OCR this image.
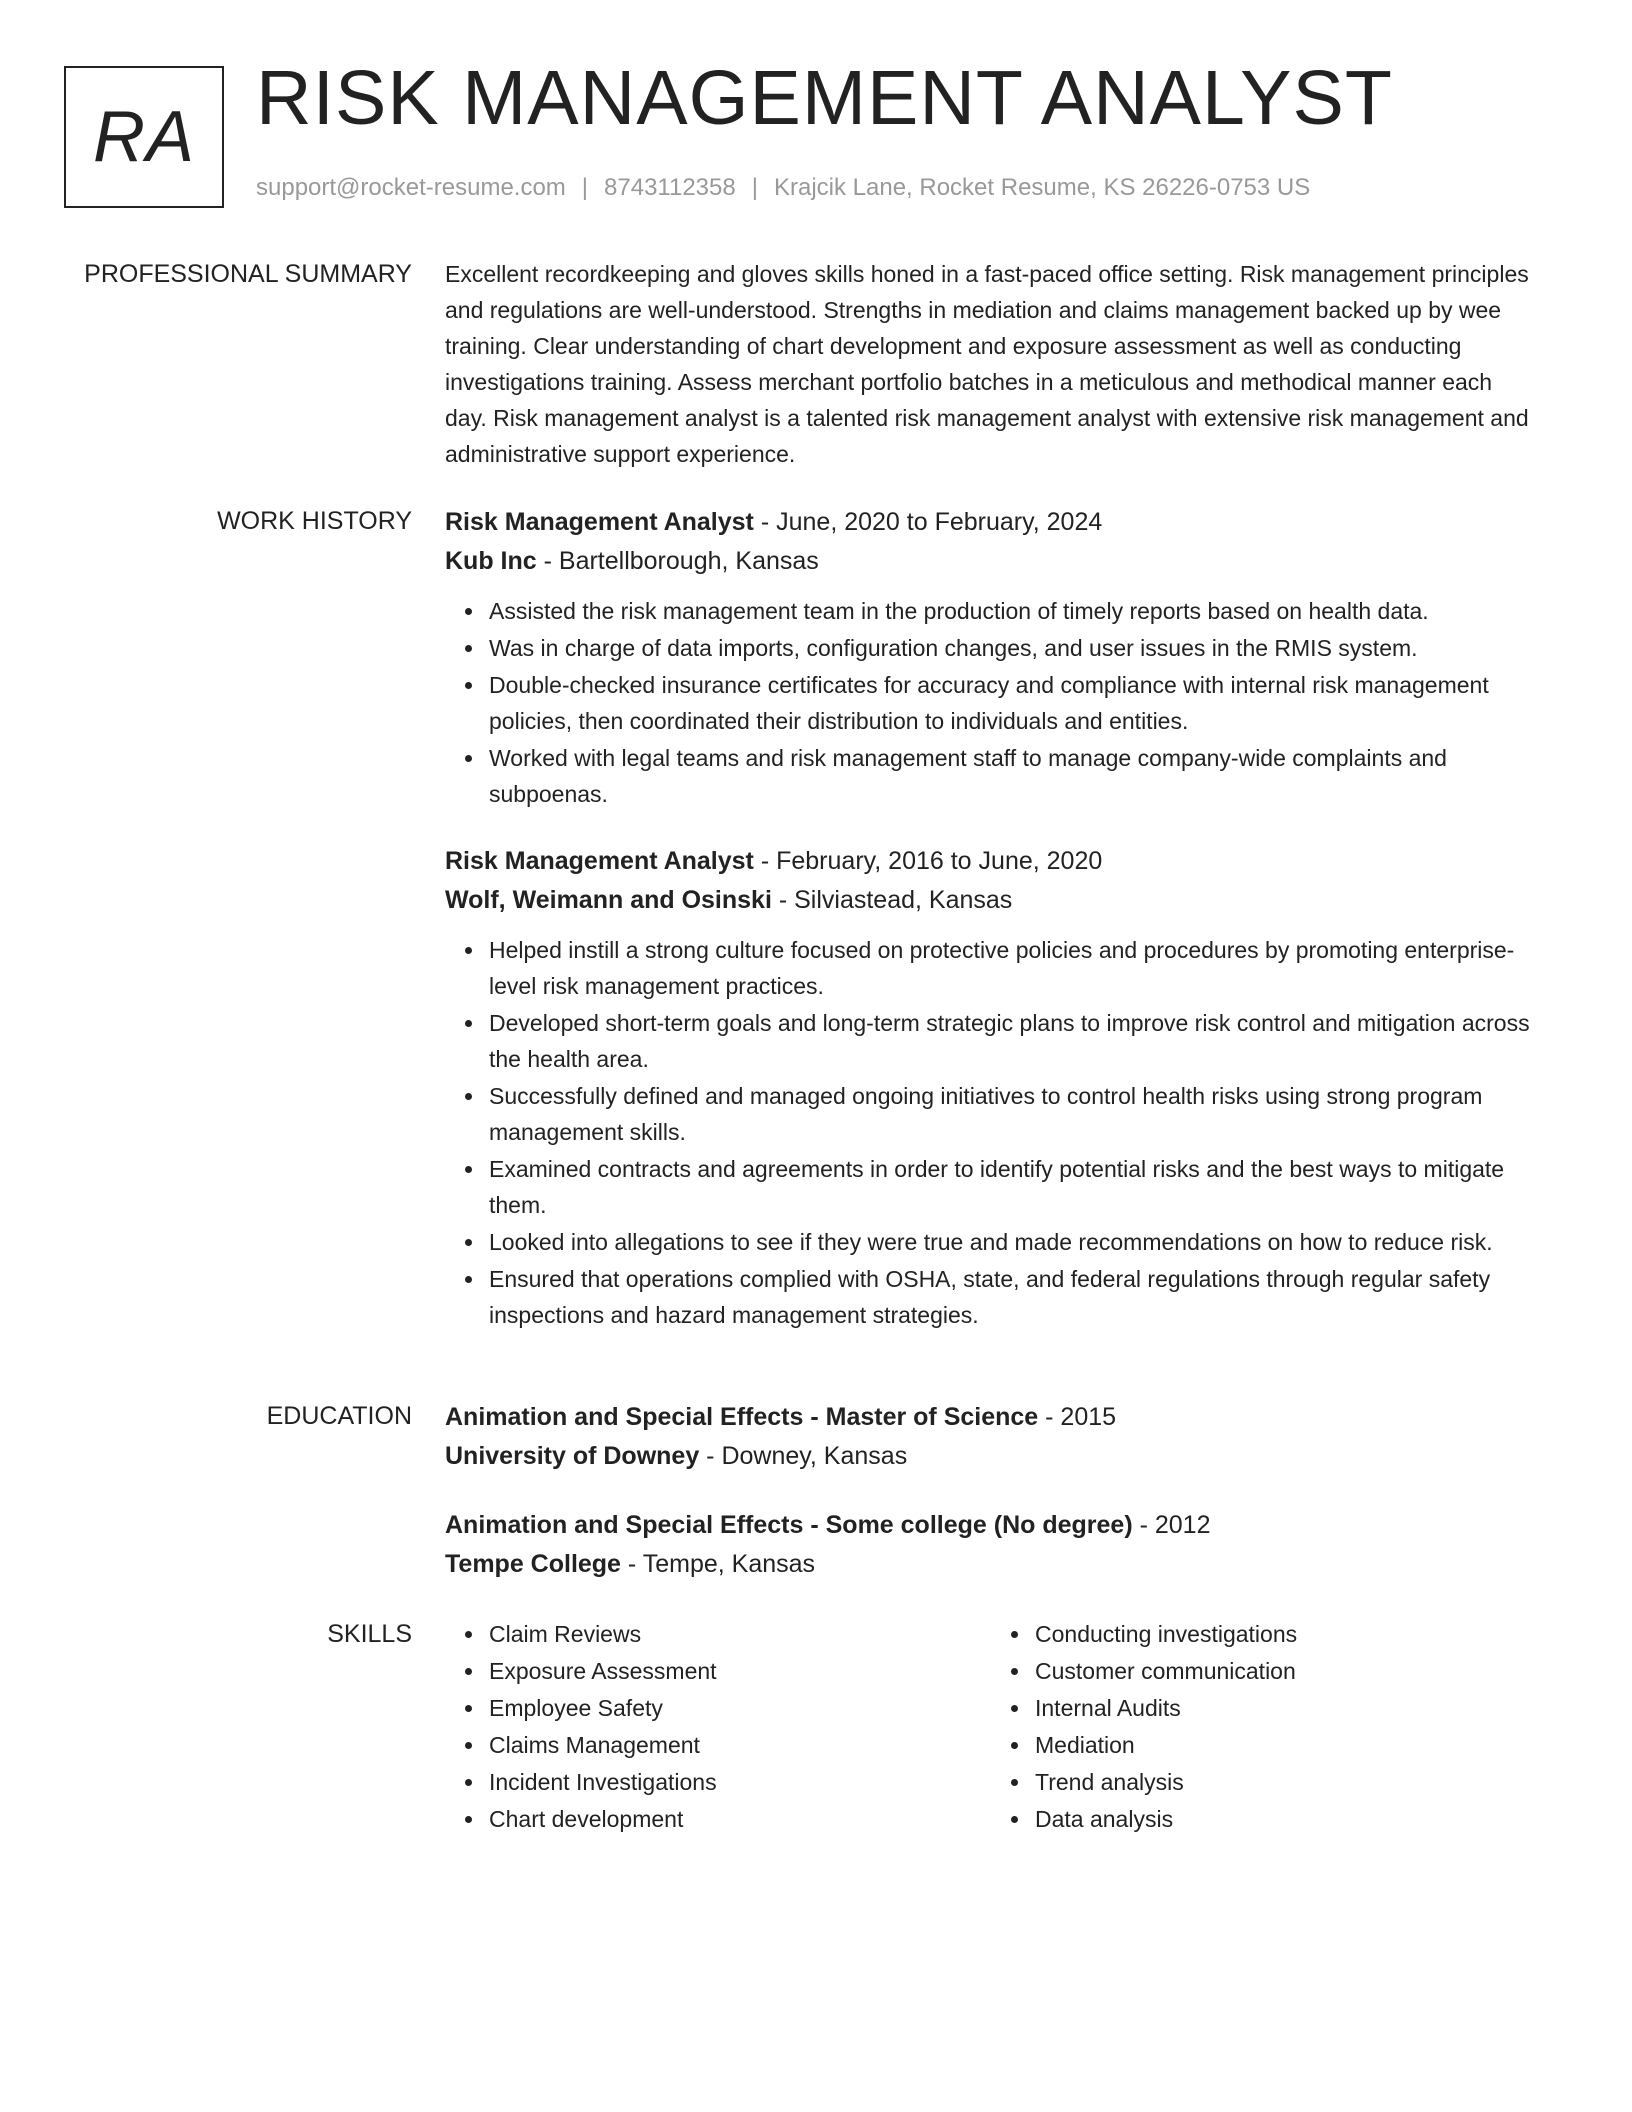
RA RISK MANAGEMENT ANALYST
support@rocket-resume.com | 8743112358 | Krajcik Lane, Rocket Resume, KS 26226-0753 US
PROFESSIONAL SUMMARY Excellent recordkeeping and gloves skills honed in a fast-paced office setting. Risk management principles and regulations are well-understood. Strengths in mediation and claims management backed up by wee training. Clear understanding of chart development and exposure assessment as well as conducting investigations training. Assess merchant portfolio batches in a meticulous and methodical manner each day. Risk management analyst is a talented risk management analyst with extensive risk management and administrative support experience.
WORK HISTORY Risk Management Analyst - June, 2020 to February, 2024
Kub Inc - Bartellborough, Kansas
Assisted the risk management team in the production of timely reports based on health data.
Was in charge of data imports, configuration changes, and user issues in the RMIS system.
Double-checked insurance certificates for accuracy and compliance with internal risk management policies, then coordinated their distribution to individuals and entities.
Worked with legal teams and risk management staff to manage company-wide complaints and subpoenas.
Risk Management Analyst - February, 2016 to June, 2020
Wolf, Weimann and Osinski - Silviastead, Kansas
Helped instill a strong culture focused on protective policies and procedures by promoting enterprise-level risk management practices.
Developed short-term goals and long-term strategic plans to improve risk control and mitigation across the health area.
Successfully defined and managed ongoing initiatives to control health risks using strong program management skills.
Examined contracts and agreements in order to identify potential risks and the best ways to mitigate them.
Looked into allegations to see if they were true and made recommendations on how to reduce risk.
Ensured that operations complied with OSHA, state, and federal regulations through regular safety inspections and hazard management strategies.
EDUCATION Animation and Special Effects - Master of Science - 2015
University of Downey - Downey, Kansas
Animation and Special Effects - Some college (No degree) - 2012
Tempe College - Tempe, Kansas
SKILLS	Claim Reviews
Exposure Assessment
Employee Safety
Claims Management
Incident Investigations
Chart development
Conducting investigations
Customer communication
Internal Audits
Mediation
Trend analysis
Data analysis
